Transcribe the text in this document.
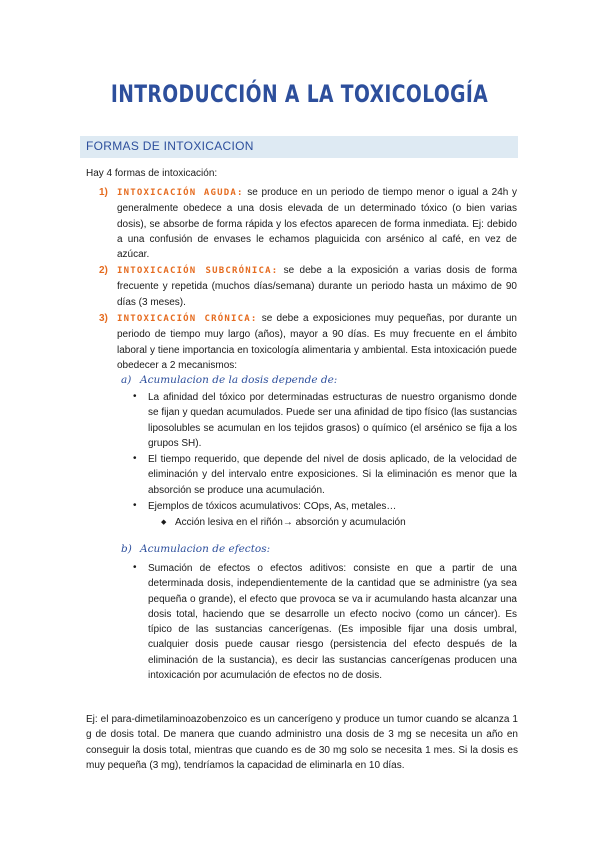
INTRODUCCIÓN A LA TOXICOLOGÍA
FORMAS DE INTOXICACION
Hay 4 formas de intoxicación:
1) INTOXICACIÓN AGUDA: se produce en un periodo de tiempo menor o igual a 24h y generalmente obedece a una dosis elevada de un determinado tóxico (o bien varias dosis), se absorbe de forma rápida y los efectos aparecen de forma inmediata. Ej: debido a una confusión de envases le echamos plaguicida con arsénico al café, en vez de azúcar.
2) INTOXICACIÓN SUBCRÓNICA: se debe a la exposición a varias dosis de forma frecuente y repetida (muchos días/semana) durante un periodo hasta un máximo de 90 días (3 meses).
3) INTOXICACIÓN CRÓNICA: se debe a exposiciones muy pequeñas, por durante un periodo de tiempo muy largo (años), mayor a 90 días. Es muy frecuente en el ámbito laboral y tiene importancia en toxicología alimentaria y ambiental. Esta intoxicación puede obedecer a 2 mecanismos:
a) Acumulacion de la dosis depende de:
• La afinidad del tóxico por determinadas estructuras de nuestro organismo donde se fijan y quedan acumulados. Puede ser una afinidad de tipo físico (las sustancias liposolubles se acumulan en los tejidos grasos) o químico (el arsénico se fija a los grupos SH).
• El tiempo requerido, que depende del nivel de dosis aplicado, de la velocidad de eliminación y del intervalo entre exposiciones. Si la eliminación es menor que la absorción se produce una acumulación.
• Ejemplos de tóxicos acumulativos: COps, As, metales…
◆ Acción lesiva en el riñón→ absorción y acumulación
b) Acumulacion de efectos:
• Sumación de efectos o efectos aditivos: consiste en que a partir de una determinada dosis, independientemente de la cantidad que se administre (ya sea pequeña o grande), el efecto que provoca se va ir acumulando hasta alcanzar una dosis total, haciendo que se desarrolle un efecto nocivo (como un cáncer). Es típico de las sustancias cancerígenas. (Es imposible fijar una dosis umbral, cualquier dosis puede causar riesgo (persistencia del efecto después de la eliminación de la sustancia), es decir las sustancias cancerígenas producen una intoxicación por acumulación de efectos no de dosis.
Ej: el para-dimetilaminoazobenzoico es un cancerígeno y produce un tumor cuando se alcanza 1 g de dosis total. De manera que cuando administro una dosis de 3 mg se necesita un año en conseguir la dosis total, mientras que cuando es de 30 mg solo se necesita 1 mes. Si la dosis es muy pequeña (3 mg), tendríamos la capacidad de eliminarla en 10 días.
